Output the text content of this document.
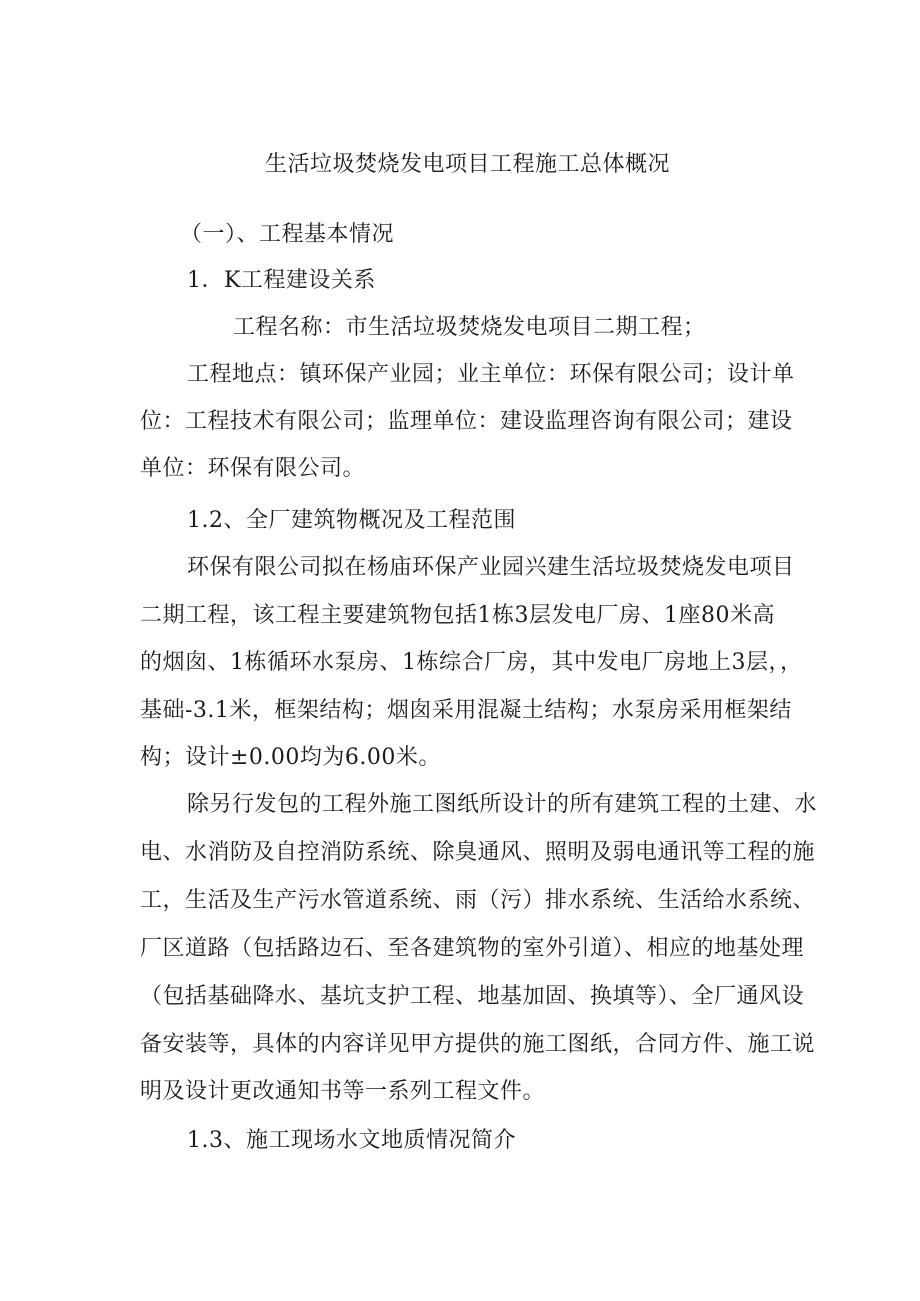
生活垃圾焚烧发电项目工程施工总体概况
（一）、工程基本情况
1．K工程建设关系
工程名称：市生活垃圾焚烧发电项目二期工程；
工程地点：镇环保产业园；业主单位：环保有限公司；设计单
位：工程技术有限公司；监理单位：建设监理咨询有限公司；建设
单位：环保有限公司。
1.2、全厂建筑物概况及工程范围
环保有限公司拟在杨庙环保产业园兴建生活垃圾焚烧发电项目
二期工程，该工程主要建筑物包括1栋3层发电厂房、1座80米高
的烟囱、1栋循环水泵房、1栋综合厂房，其中发电厂房地上3层，，
基础-3.1米，框架结构；烟囱采用混凝土结构；水泵房采用框架结
构；设计±0.00均为6.00米。
除另行发包的工程外施工图纸所设计的所有建筑工程的土建、水
电、水消防及自控消防系统、除臭通风、照明及弱电通讯等工程的施
工，生活及生产污水管道系统、雨（污）排水系统、生活给水系统、
厂区道路（包括路边石、至各建筑物的室外引道）、相应的地基处理
（包括基础降水、基坑支护工程、地基加固、换填等）、全厂通风设
备安装等，具体的内容详见甲方提供的施工图纸，合同方件、施工说
明及设计更改通知书等一系列工程文件。
1.3、施工现场水文地质情况简介
